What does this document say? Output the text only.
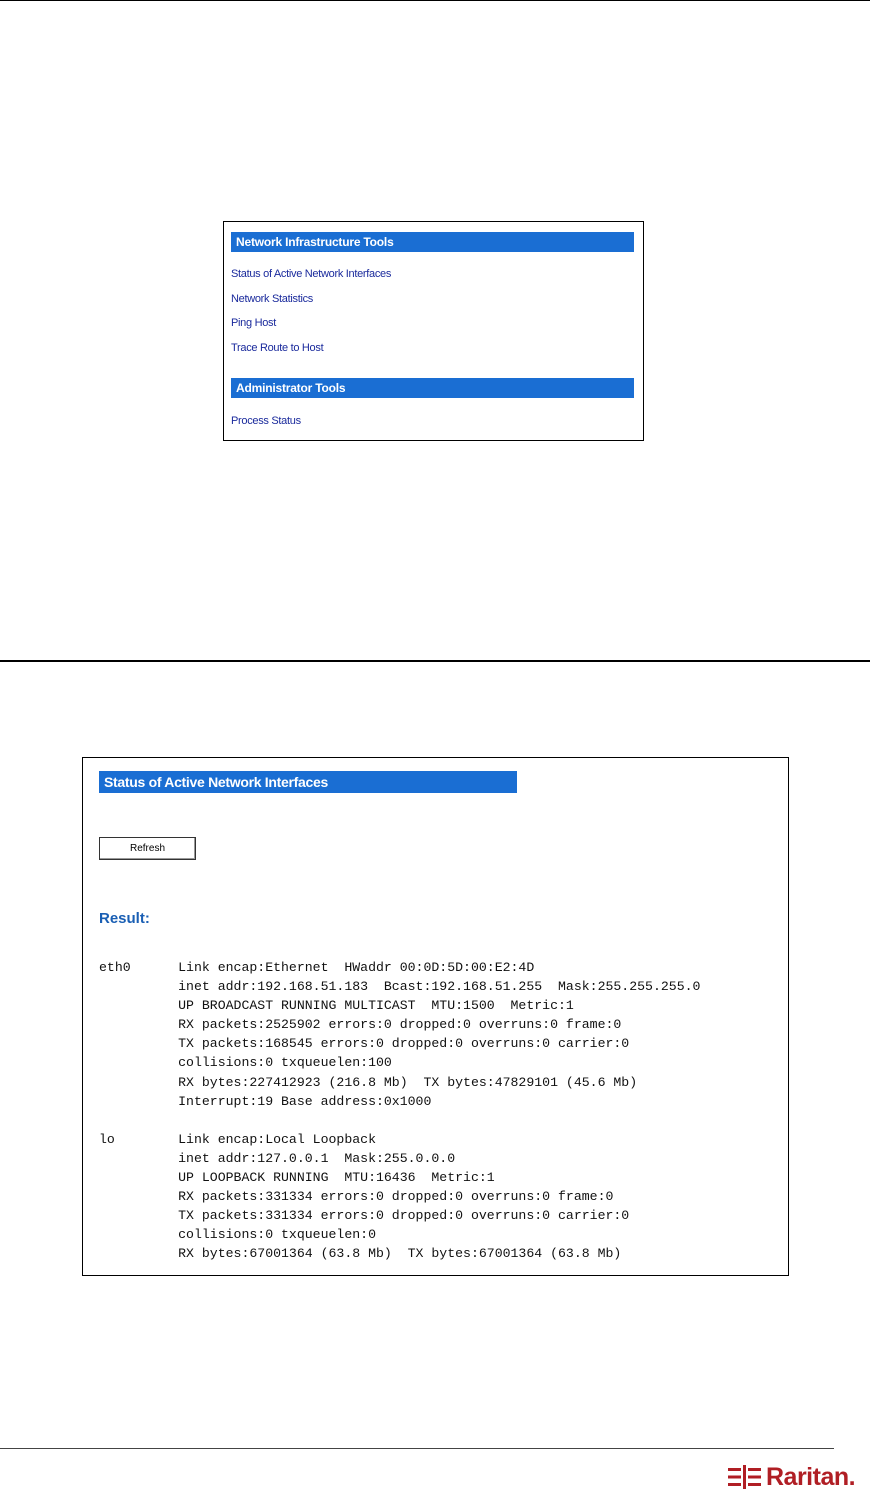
Network Infrastructure Tools
Status of Active Network Interfaces
Network Statistics
Ping Host
Trace Route to Host
Administrator Tools
Process Status
Status of Active Network Interfaces
Refresh
Result:
eth0      Link encap:Ethernet  HWaddr 00:0D:5D:00:E2:4D
inet addr:192.168.51.183  Bcast:192.168.51.255  Mask:255.255.255.0
UP BROADCAST RUNNING MULTICAST  MTU:1500  Metric:1
RX packets:2525902 errors:0 dropped:0 overruns:0 frame:0
TX packets:168545 errors:0 dropped:0 overruns:0 carrier:0
collisions:0 txqueuelen:100
RX bytes:227412923 (216.8 Mb)  TX bytes:47829101 (45.6 Mb)
Interrupt:19 Base address:0x1000

lo        Link encap:Local Loopback
inet addr:127.0.0.1  Mask:255.0.0.0
UP LOOPBACK RUNNING  MTU:16436  Metric:1
RX packets:331334 errors:0 dropped:0 overruns:0 frame:0
TX packets:331334 errors:0 dropped:0 overruns:0 carrier:0
collisions:0 txqueuelen:0
RX bytes:67001364 (63.8 Mb)  TX bytes:67001364 (63.8 Mb)
Raritan.
